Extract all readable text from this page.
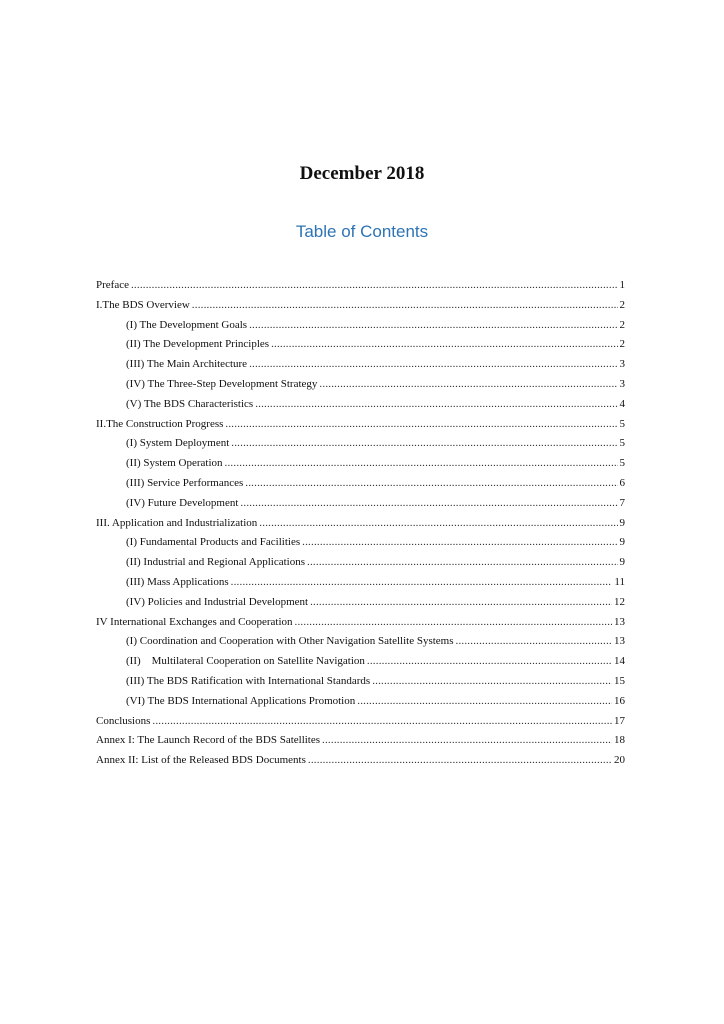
December 2018
Table of Contents
Preface .....	1
I.The BDS Overview .....	2
(I) The Development Goals .....	2
(II) The Development Principles .....	2
(III) The Main Architecture .....	3
(IV) The Three-Step Development Strategy .....	3
(V) The BDS Characteristics .....	4
II.The Construction Progress .....	5
(I) System Deployment .....	5
(II) System Operation .....	5
(III) Service Performances .....	6
(IV) Future Development .....	7
III. Application and Industrialization .....	9
(I) Fundamental Products and Facilities .....	9
(II) Industrial and Regional Applications .....	9
(III) Mass Applications .....	11
(IV) Policies and Industrial Development .....	12
IV International Exchanges and Cooperation .....	13
(I) Coordination and Cooperation with Other Navigation Satellite Systems .....	13
(II)    Multilateral Cooperation on Satellite Navigation .....	14
(III) The BDS Ratification with International Standards .....	15
(VI) The BDS International Applications Promotion .....	16
Conclusions .....	17
Annex I: The Launch Record of the BDS Satellites .....	18
Annex II: List of the Released BDS Documents .....	20
